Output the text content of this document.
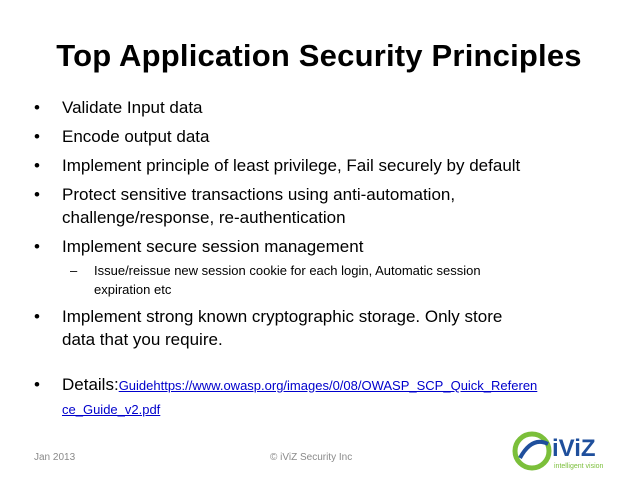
Top Application Security Principles
• Validate Input data
• Encode output data
• Implement principle of least privilege, Fail securely by default
• Protect sensitive transactions using anti-automation,
challenge/response, re-authentication
• Implement secure session management
– Issue/reissue new session cookie for each login, Automatic session
expiration etc
• Implement strong known cryptographic storage. Only store
data that you require.
• Details:Guidehttps://www.owasp.org/images/0/08/OWASP_SCP_Quick_Referen
ce_Guide_v2.pdf
Jan 2013	© iViZ Security Inc	iViZ
intelligent vision
